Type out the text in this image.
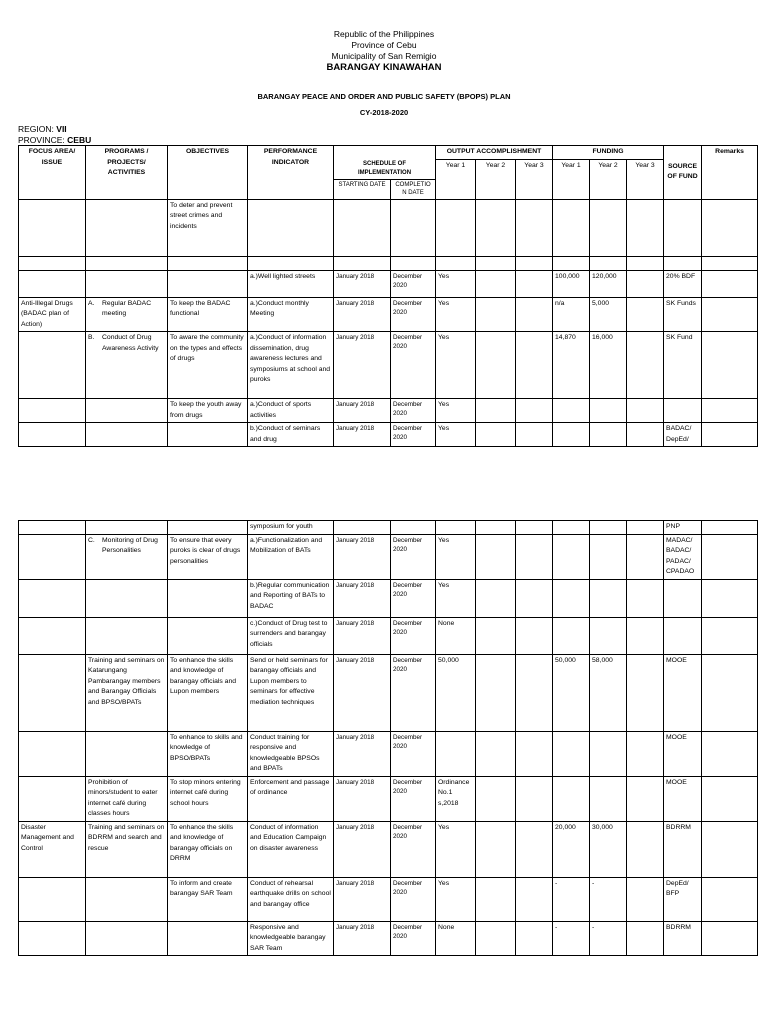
Republic of the Philippines
Province of Cebu
Municipality of San Remigio
BARANGAY KINAWAHAN
BARANGAY PEACE AND ORDER AND PUBLIC SAFETY (BPOPS) PLAN
CY-2018-2020
REGION: VII
PROVINCE: CEBU
FOCUS AREA/ ISSUE	PROGRAMS / PROJECTS/ ACTIVITIES	OBJECTIVES	PERFORMANCE INDICATOR			OUTPUT ACCOMPLISHMENT			FUNDING			SOURCE OF FUND	Remarks
				SCHEDULE OF IMPLEMENTATION		Year 1	Year 2	Year 3	Year 1	Year 2	Year 3		
				STARTING DATE	COMPLETIO N DATE								
		To deter and prevent street crimes and incidents											

			a.)Well lighted streets	January 2018	December 2020	Yes			100,000	120,000		20% BDF	
Anti-Illegal Drugs (BADAC plan of Action)	A. Regular BADAC meeting	To keep the BADAC functional	a.)Conduct monthly Meeting	January 2018	December 2020	Yes			n/a	5,000		SK Funds	

	B. Conduct of Drug Awareness Activity	To aware the community on the types and effects of drugs	a.)Conduct of information dissemination, drug awareness lectures and symposiums at school and puroks	January 2018	December 2020	Yes			14,870	16,000		SK Fund	
		To keep the youth away from drugs	a.)Conduct of sports activities	January 2018	December 2020	Yes							
			b.)Conduct of seminars and drug	January 2018	December 2020	Yes						BADAC/ DepEd/	
			symposium for youth									PNP	

	C. Monitoring of Drug Personalities	To ensure that every puroks is clear of drugs personalities	a.)Functionalization and Mobilization of BATs	January 2018	December 2020	Yes						MADAC/ BADAC/ PADAC/ CPADAO	
			b.)Regular communication and Reporting of BATs to BADAC	January 2018	December 2020	Yes							
			c.)Conduct of Drug test to surrenders and barangay officials	January 2018	December 2020	None							
	Training and seminars on Katarungang Pambarangay members and Barangay Officials and BPSO/BPATs	To enhance the skills and knowledge of barangay officials and Lupon members	Send or held seminars for barangay officials and Lupon members to seminars for effective mediation techniques	January 2018	December 2020	50,000			50,000	58,000		MOOE	
		To enhance to skills and knowledge of BPSO/BPATs	Conduct training for responsive and knowledgeable BPSOs and BPATs	January 2018	December 2020							MOOE	
	Prohibition of minors/student to eater internet café during classes hours	To stop minors entering internet café during school hours	Enforcement and passage of ordinance	January 2018	December 2020	Ordinance No.1 s,2018						MOOE	
Disaster Management and Control	Training and seminars on BDRRM and search and rescue	To enhance the skills and knowledge of barangay officials on DRRM	Conduct of information and Education Campaign on disaster awareness	January 2018	December 2020	Yes			20,000	30,000		BDRRM	
		To inform and create barangay SAR Team	Conduct of rehearsal earthquake drills on school and barangay office	January 2018	December 2020	Yes			-	-		DepEd/ BFP	
			Responsive and knowledgeable barangay SAR Team	January 2018	December 2020	None			-	-		BDRRM	
